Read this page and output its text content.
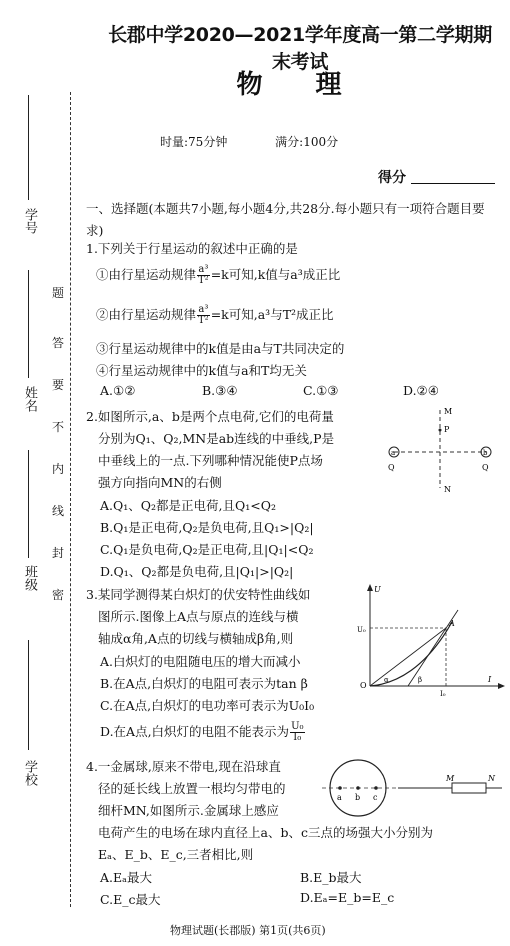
学号
姓名
班级
学校
题
答
要
不
内
线
封
密
长郡中学2020—2021学年度高一第二学期期末考试
物 理
时量:75分钟	满分:100分
得分
一、选择题(本题共7小题,每小题4分,共28分.每小题只有一项符合题目要求)
1.下列关于行星运动的叙述中正确的是
①由行星运动规律 $\frac{\text{a³}}{\text{T²}} =k$可知,k值与a³成正比
②由行星运动规律 $\frac{\text{a³}}{\text{T²}} =k$可知,a³与T²成正比
③行星运动规律中的k值是由a与T共同决定的
④行星运动规律中的k值与a和T均无关
A.①②	B.③④	C.①③	D.②④
2.如图所示,a、b是两个点电荷,它们的电荷量
分别为Q₁、Q₂,MN是ab连线的中垂线,P是
中垂线上的一点.下列哪种情况能使P点场
强方向指向MN的右侧
A.Q₁、Q₂都是正电荷,且Q₁<Q₂
B.Q₁是正电荷,Q₂是负电荷,且Q₁>|Q₂|
C.Q₁是负电荷,Q₂是正电荷,且|Q₁|<Q₂
D.Q₁、Q₂都是负电荷,且|Q₁|>|Q₂|
M
P
a	b
Q	Q
N
3.某同学测得某白炽灯的伏安特性曲线如
图所示.图像上A点与原点的连线与横
轴成α角,A点的切线与横轴成β角,则
A.白炽灯的电阻随电压的增大而减小
B.在A点,白炽灯的电阻可表示为tan β
C.在A点,白炽灯的电功率可表示为U₀I₀
D.在A点,白炽灯的电阻不能表示为 $\frac{\text{U₀}}{\text{I₀}}$
U
I
O
U₀
A
α	β
I₀
4.一金属球,原来不带电,现在沿球直
径的延长线上放置一根均匀带电的
细杆MN,如图所示.金属球上感应
电荷产生的电场在球内直径上a、b、c三点的场强大小分别为
Eₐ、E_b、E_c,三者相比,则
A.Eₐ最大	B.E_b最大
C.E_c最大	D.Eₐ=E_b=E_c
a b c
M	N
物理试题(长郡版) 第1页(共6页)
